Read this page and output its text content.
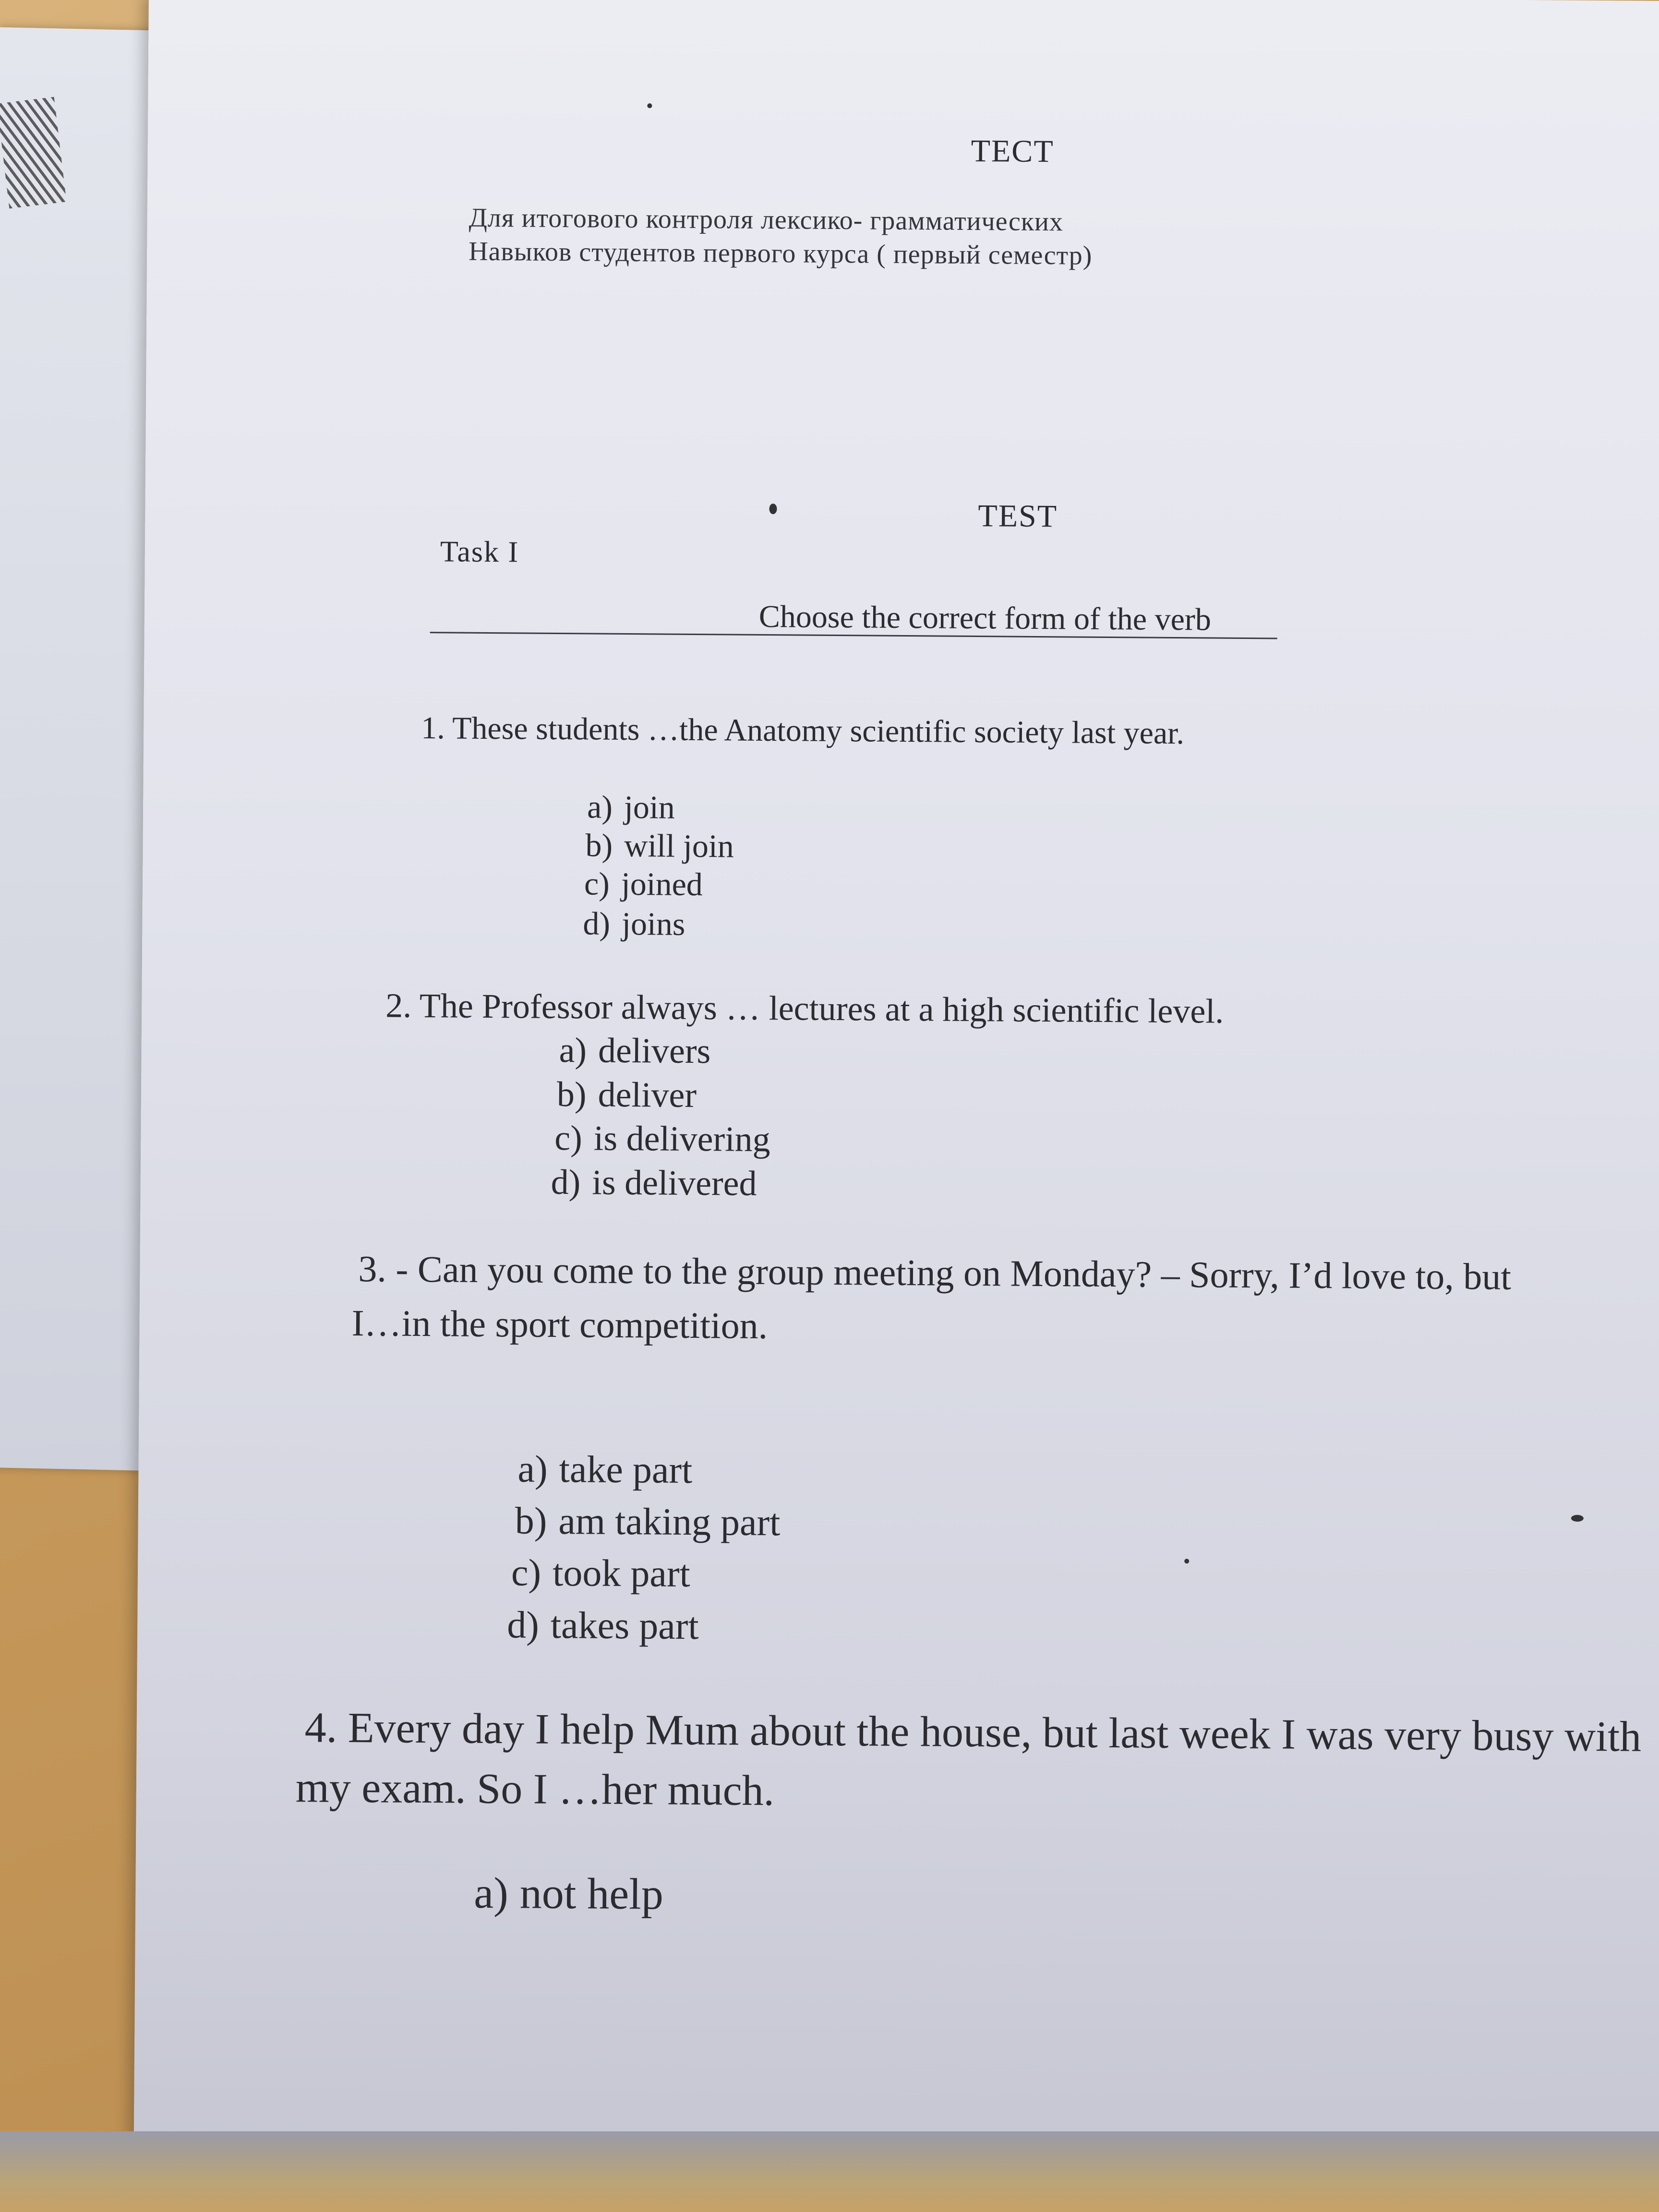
ТЕСТ

Для итогового контроля лексико- грамматических

Навыков студентов первого курса ( первый семестр)

TEST

Task I

Choose the correct form of the verb

1. These students …the Anatomy scientific society last year.

a) join
b) will join
c) joined
d) joins

2. The Professor always … lectures at a high scientific level.

a) delivers
b) deliver
c) is delivering
d) is delivered

3. - Can you come to the group meeting on Monday? – Sorry, I’d love to, but

I…in the sport competition.

a) take part
b) am taking part
c) took part
d) takes part

4. Every day I help Mum about the house, but last week I was very busy with

my exam. So I …her much.

a) not help
